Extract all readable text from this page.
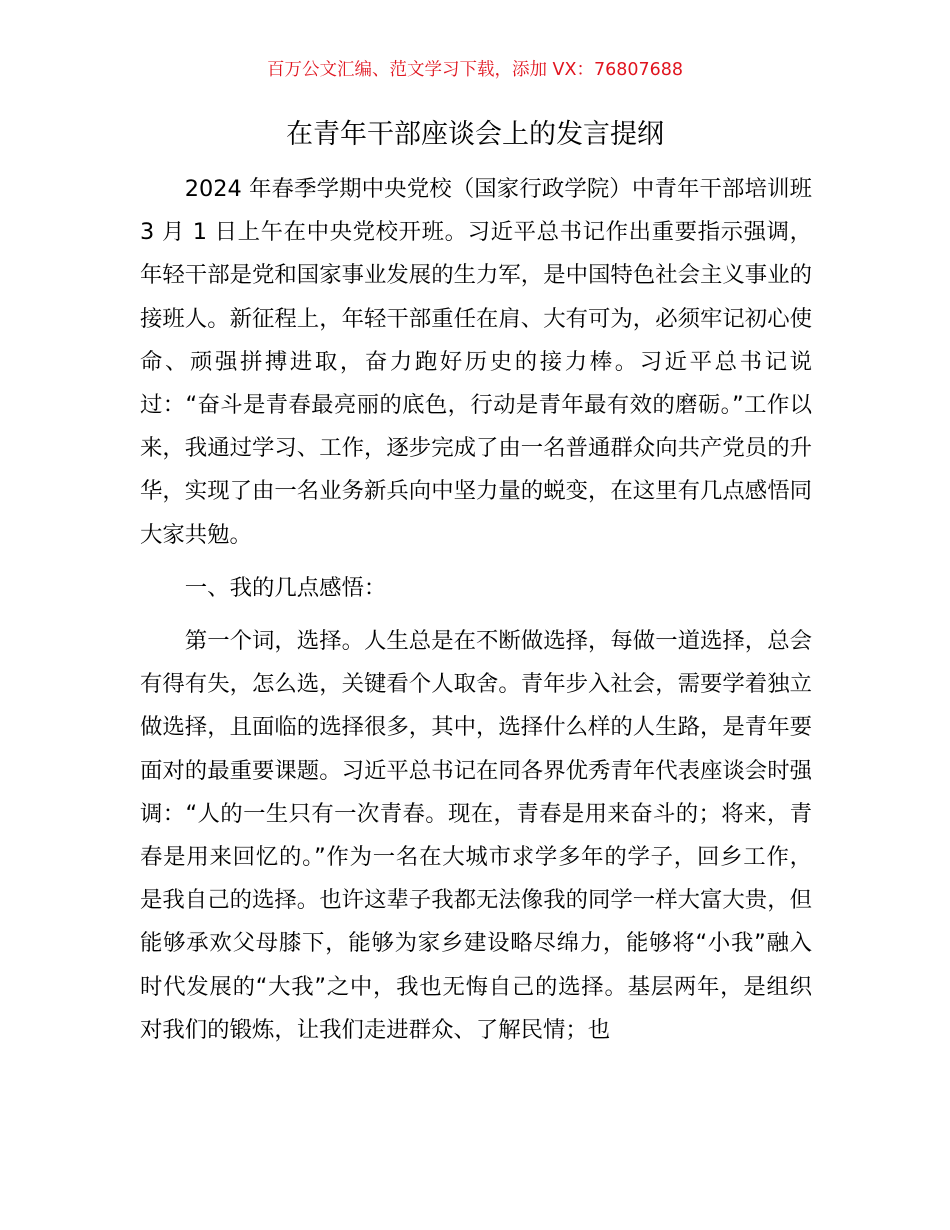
百万公文汇编、范文学习下载，添加 VX：76807688
在青年干部座谈会上的发言提纲

2024 年春季学期中央党校（国家行政学院）中青年干部培训班 3 月 1 日上午在中央党校开班。习近平总书记作出重要指示强调，年轻干部是党和国家事业发展的生力军，是中国特色社会主义事业的接班人。新征程上，年轻干部重任在肩、大有可为，必须牢记初心使命、顽强拼搏进取，奋力跑好历史的接力棒。习近平总书记说过：“奋斗是青春最亮丽的底色，行动是青年最有效的磨砺。”工作以来，我通过学习、工作，逐步完成了由一名普通群众向共产党员的升华，实现了由一名业务新兵向中坚力量的蜕变，在这里有几点感悟同大家共勉。

一、我的几点感悟：

第一个词，选择。人生总是在不断做选择，每做一道选择，总会有得有失，怎么选，关键看个人取舍。青年步入社会，需要学着独立做选择，且面临的选择很多，其中，选择什么样的人生路，是青年要面对的最重要课题。习近平总书记在同各界优秀青年代表座谈会时强调：“人的一生只有一次青春。现在，青春是用来奋斗的；将来，青春是用来回忆的。”作为一名在大城市求学多年的学子，回乡工作，是我自己的选择。也许这辈子我都无法像我的同学一样大富大贵，但能够承欢父母膝下，能够为家乡建设略尽绵力，能够将“小我”融入时代发展的“大我”之中，我也无悔自己的选择。基层两年，是组织对我们的锻炼，让我们走进群众、了解民情；也
